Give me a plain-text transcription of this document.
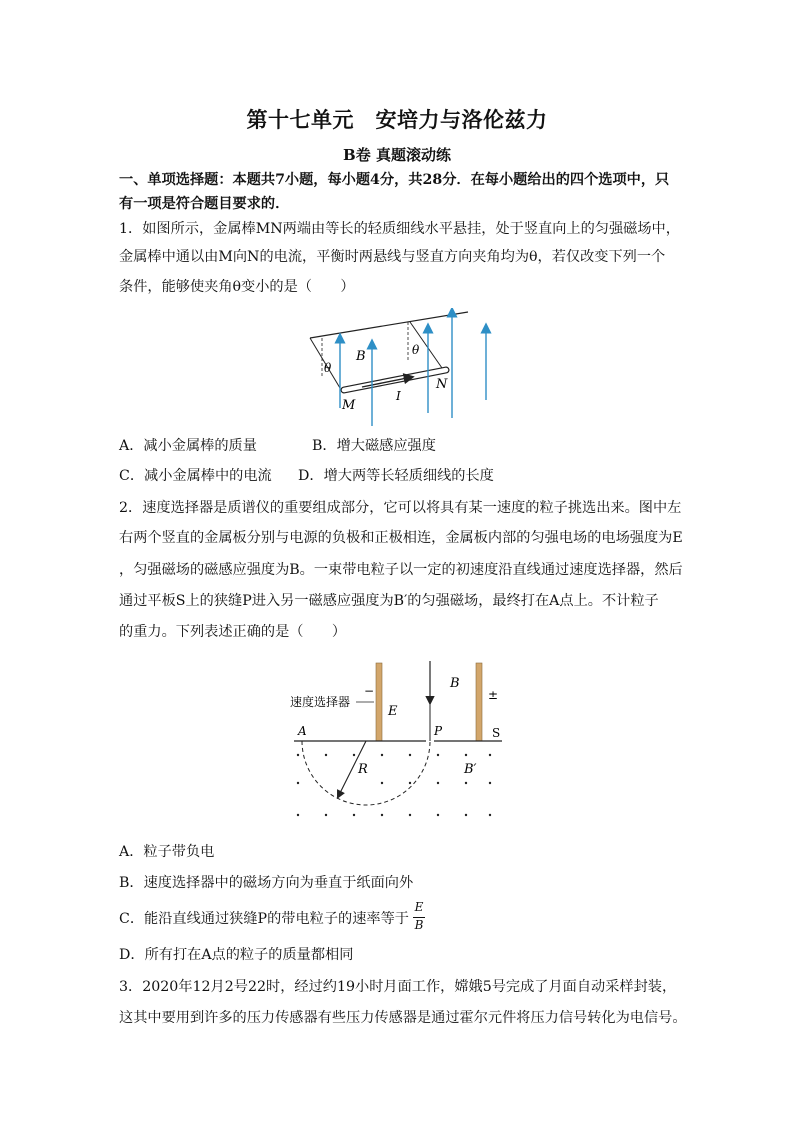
第十七单元　安培力与洛伦兹力
B卷 真题滚动练
一、单项选择题：本题共7小题，每小题4分，共28分．在每小题给出的四个选项中，只
有一项是符合题目要求的．
1．如图所示，金属棒MN两端由等长的轻质细线水平悬挂，处于竖直向上的匀强磁场中，
金属棒中通以由M向N的电流，平衡时两悬线与竖直方向夹角均为θ，若仅改变下列一个
条件，能够使夹角θ变小的是（　　）
θ
θ
B
I
M
N
A．减小金属棒的质量	B．增大磁感应强度
C．减小金属棒中的电流 D．增大两等长轻质细线的长度
2．速度选择器是质谱仪的重要组成部分，它可以将具有某一速度的粒子挑选出来。图中左
右两个竖直的金属板分别与电源的负极和正极相连，金属板内部的匀强电场的电场强度为E
，匀强磁场的磁感应强度为B。一束带电粒子以一定的初速度沿直线通过速度选择器，然后
通过平板S上的狭缝P进入另一磁感应强度为B′的匀强磁场，最终打在A点上。不计粒子
的重力。下列表述正确的是（　　）
速度选择器
−	±
E
B
A	P	S
R	B′
A．粒子带负电
B．速度选择器中的磁场方向为垂直于纸面向外
C．能沿直线通过狭缝P的带电粒子的速率等于
E
B
D．所有打在A点的粒子的质量都相同
3．2020年12月2号22时，经过约19小时月面工作，嫦娥5号完成了月面自动采样封装，
这其中要用到许多的压力传感器有些压力传感器是通过霍尔元件将压力信号转化为电信号。
